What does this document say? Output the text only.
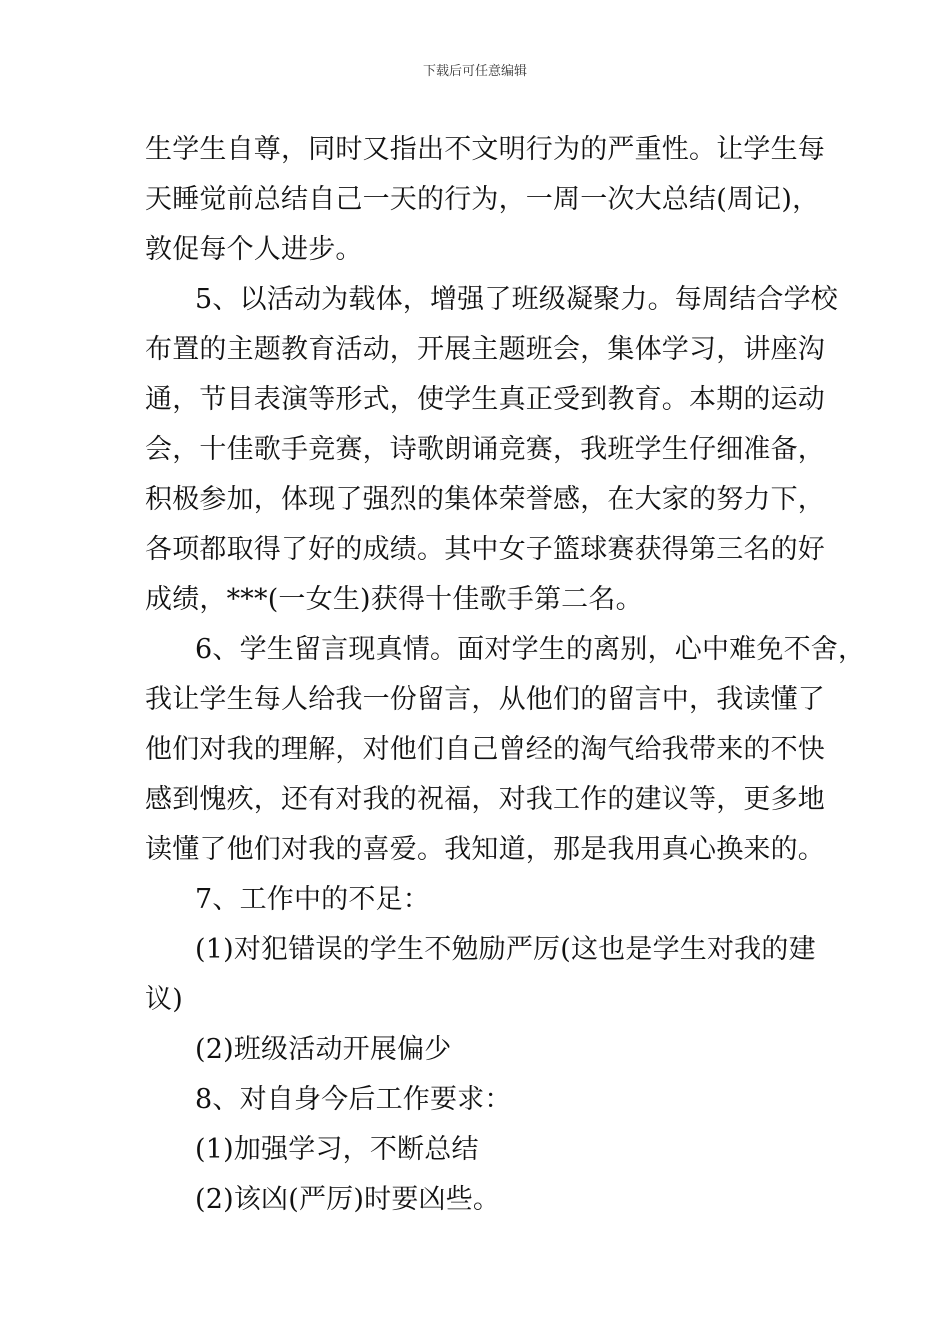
下载后可任意编辑
生学生自尊，同时又指出不文明行为的严重性。让学生每
天睡觉前总结自己一天的行为，一周一次大总结(周记)，
敦促每个人进步。
5、以活动为载体，增强了班级凝聚力。每周结合学校
布置的主题教育活动，开展主题班会，集体学习，讲座沟
通，节目表演等形式，使学生真正受到教育。本期的运动
会，十佳歌手竞赛，诗歌朗诵竞赛，我班学生仔细准备，
积极参加，体现了强烈的集体荣誉感，在大家的努力下，
各项都取得了好的成绩。其中女子篮球赛获得第三名的好
成绩，***(一女生)获得十佳歌手第二名。
6、学生留言现真情。面对学生的离别，心中难免不舍，
我让学生每人给我一份留言，从他们的留言中，我读懂了
他们对我的理解，对他们自己曾经的淘气给我带来的不快
感到愧疚，还有对我的祝福，对我工作的建议等，更多地
读懂了他们对我的喜爱。我知道，那是我用真心换来的。
7、工作中的不足：
(1)对犯错误的学生不勉励严厉(这也是学生对我的建
议)
(2)班级活动开展偏少
8、对自身今后工作要求：
(1)加强学习，不断总结
(2)该凶(严厉)时要凶些。
